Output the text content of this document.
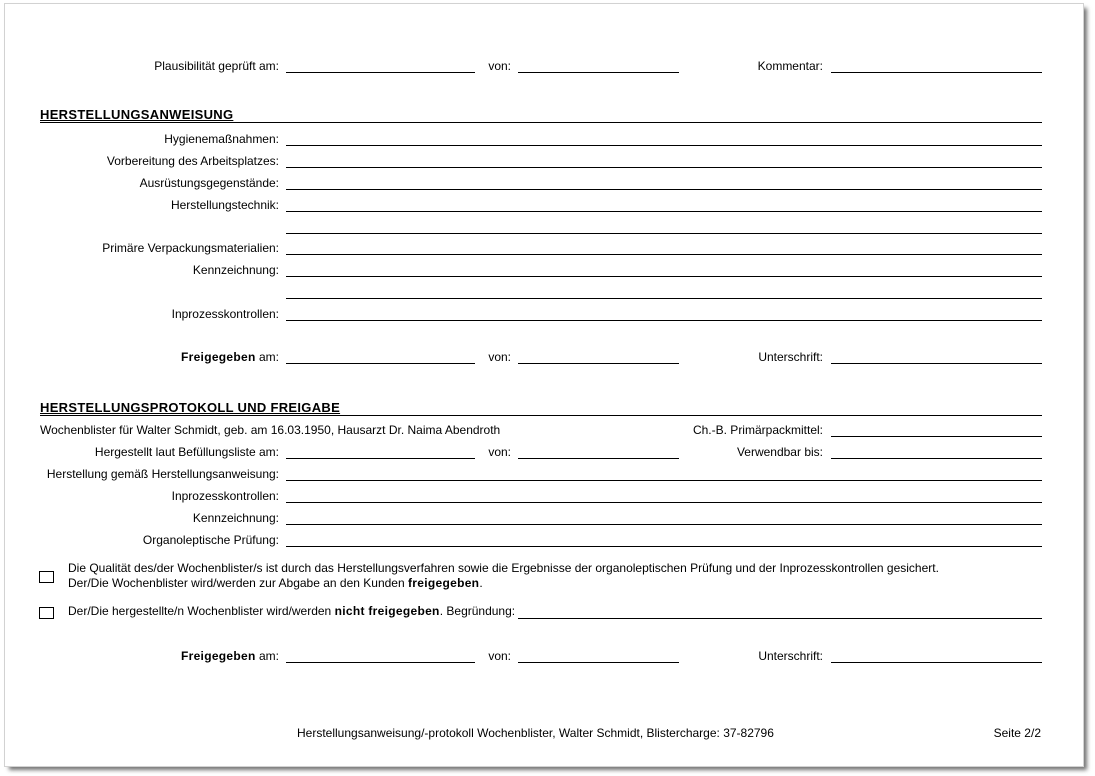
Plausibilität geprüft am:	von:	Kommentar:
HERSTELLUNGSANWEISUNG
Hygienemaßnahmen:
Vorbereitung des Arbeitsplatzes:
Ausrüstungsgegenstände:
Herstellungstechnik:
Primäre Verpackungsmaterialien:
Kennzeichnung:
Inprozesskontrollen:
Freigegeben am:	von:	Unterschrift:
HERSTELLUNGSPROTOKOLL UND FREIGABE
Wochenblister für Walter Schmidt, geb. am 16.03.1950, Hausarzt Dr. Naima Abendroth	Ch.-B. Primärpackmittel:
Hergestellt laut Befüllungsliste am:	von:	Verwendbar bis:
Herstellung gemäß Herstellungsanweisung:
Inprozesskontrollen:
Kennzeichnung:
Organoleptische Prüfung:
Die Qualität des/der Wochenblister/s ist durch das Herstellungsverfahren sowie die Ergebnisse der organoleptischen Prüfung und der Inprozesskontrollen gesichert.
Der/Die Wochenblister wird/werden zur Abgabe an den Kunden freigegeben.
Der/Die hergestellte/n Wochenblister wird/werden nicht freigegeben. Begründung:
Freigegeben am:	von:	Unterschrift:
Herstellungsanweisung/-protokoll Wochenblister, Walter Schmidt, Blistercharge: 37-82796	Seite 2/2
